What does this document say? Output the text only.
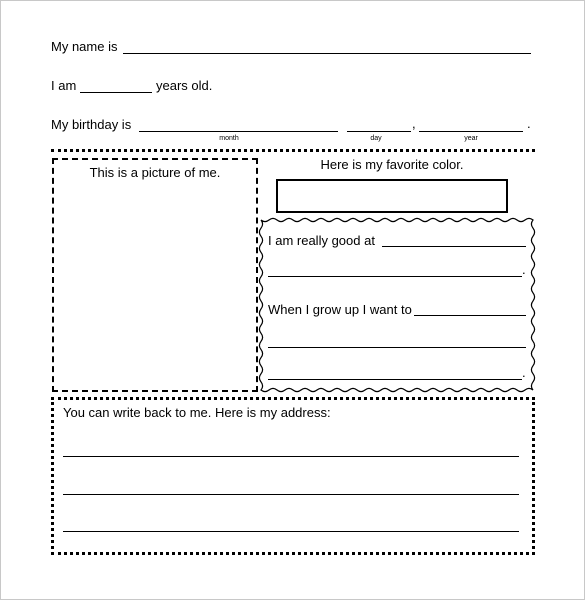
My name is
I am	years old.
My birthday is	,	.
month	day	year
This is a picture of me.
Here is my favorite color.
I am really good at
.
When I grow up I want to
.
You can write back to me. Here is my address:
